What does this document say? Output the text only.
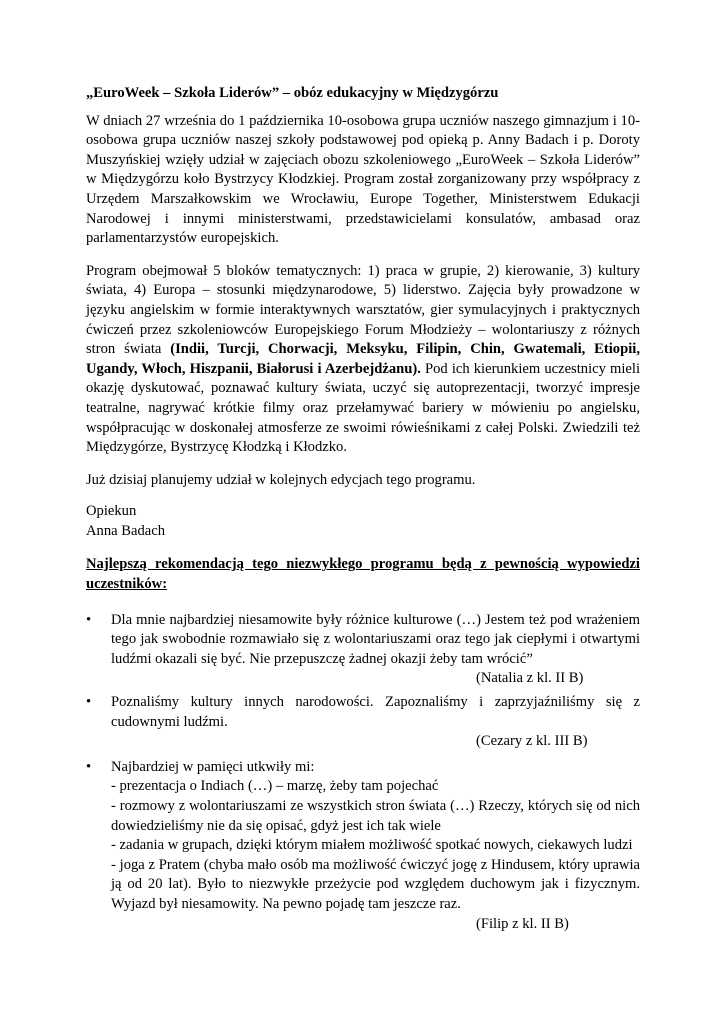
„EuroWeek – Szkoła Liderów” – obóz edukacyjny w Międzygórzu

W dniach 27 września do 1 października 10-osobowa grupa uczniów naszego gimnazjum i 10-osobowa grupa uczniów naszej szkoły podstawowej pod opieką p. Anny Badach i p. Doroty Muszyńskiej wzięły udział w zajęciach obozu szkoleniowego „EuroWeek – Szkoła Liderów” w Międzygórzu koło Bystrzycy Kłodzkiej. Program został zorganizowany przy współpracy z Urzędem Marszałkowskim we Wrocławiu, Europe Together, Ministerstwem Edukacji Narodowej i innymi ministerstwami, przedstawicielami konsulatów, ambasad oraz parlamentarzystów europejskich.

Program obejmował 5 bloków tematycznych: 1) praca w grupie, 2) kierowanie, 3) kultury świata, 4) Europa – stosunki międzynarodowe, 5) liderstwo. Zajęcia były prowadzone w języku angielskim w formie interaktywnych warsztatów, gier symulacyjnych i praktycznych ćwiczeń przez szkoleniowców Europejskiego Forum Młodzieży – wolontariuszy z różnych stron świata (Indii, Turcji, Chorwacji, Meksyku, Filipin, Chin, Gwatemali, Etiopii, Ugandy, Włoch, Hiszpanii, Białorusi i Azerbejdżanu). Pod ich kierunkiem uczestnicy mieli okazję dyskutować, poznawać kultury świata, uczyć się autoprezentacji, tworzyć impresje teatralne, nagrywać krótkie filmy oraz przełamywać bariery w mówieniu po angielsku, współpracując w doskonałej atmosferze ze swoimi rówieśnikami z całej Polski. Zwiedzili też Międzygórze, Bystrzycę Kłodzką i Kłodzko.

Już dzisiaj planujemy udział w kolejnych edycjach tego programu.

Opiekun

Anna Badach

Najlepszą rekomendacją tego niezwykłego programu będą z pewnością wypowiedzi uczestników:

• Dla mnie najbardziej niesamowite były różnice kulturowe (…) Jestem też pod wrażeniem tego jak swobodnie rozmawiało się z wolontariuszami oraz tego jak ciepłymi i otwartymi ludźmi okazali się być. Nie przepuszczę żadnej okazji żeby tam wrócić”
(Natalia z kl. II B)
• Poznaliśmy kultury innych narodowości. Zapoznaliśmy i zaprzyjaźniliśmy się z cudownymi ludźmi.
(Cezary z kl. III B)
• Najbardziej w pamięci utkwiły mi:
- prezentacja o Indiach (…) – marzę, żeby tam pojechać
- rozmowy z wolontariuszami ze wszystkich stron świata (…) Rzeczy, których się od nich dowiedzieliśmy nie da się opisać, gdyż jest ich tak wiele
- zadania w grupach, dzięki którym miałem możliwość spotkać nowych, ciekawych ludzi
- joga z Pratem (chyba mało osób ma możliwość ćwiczyć jogę z Hindusem, który uprawia ją od 20 lat). Było to niezwykłe przeżycie pod względem duchowym jak i fizycznym. Wyjazd był niesamowity. Na pewno pojadę tam jeszcze raz.
(Filip z kl. II B)
